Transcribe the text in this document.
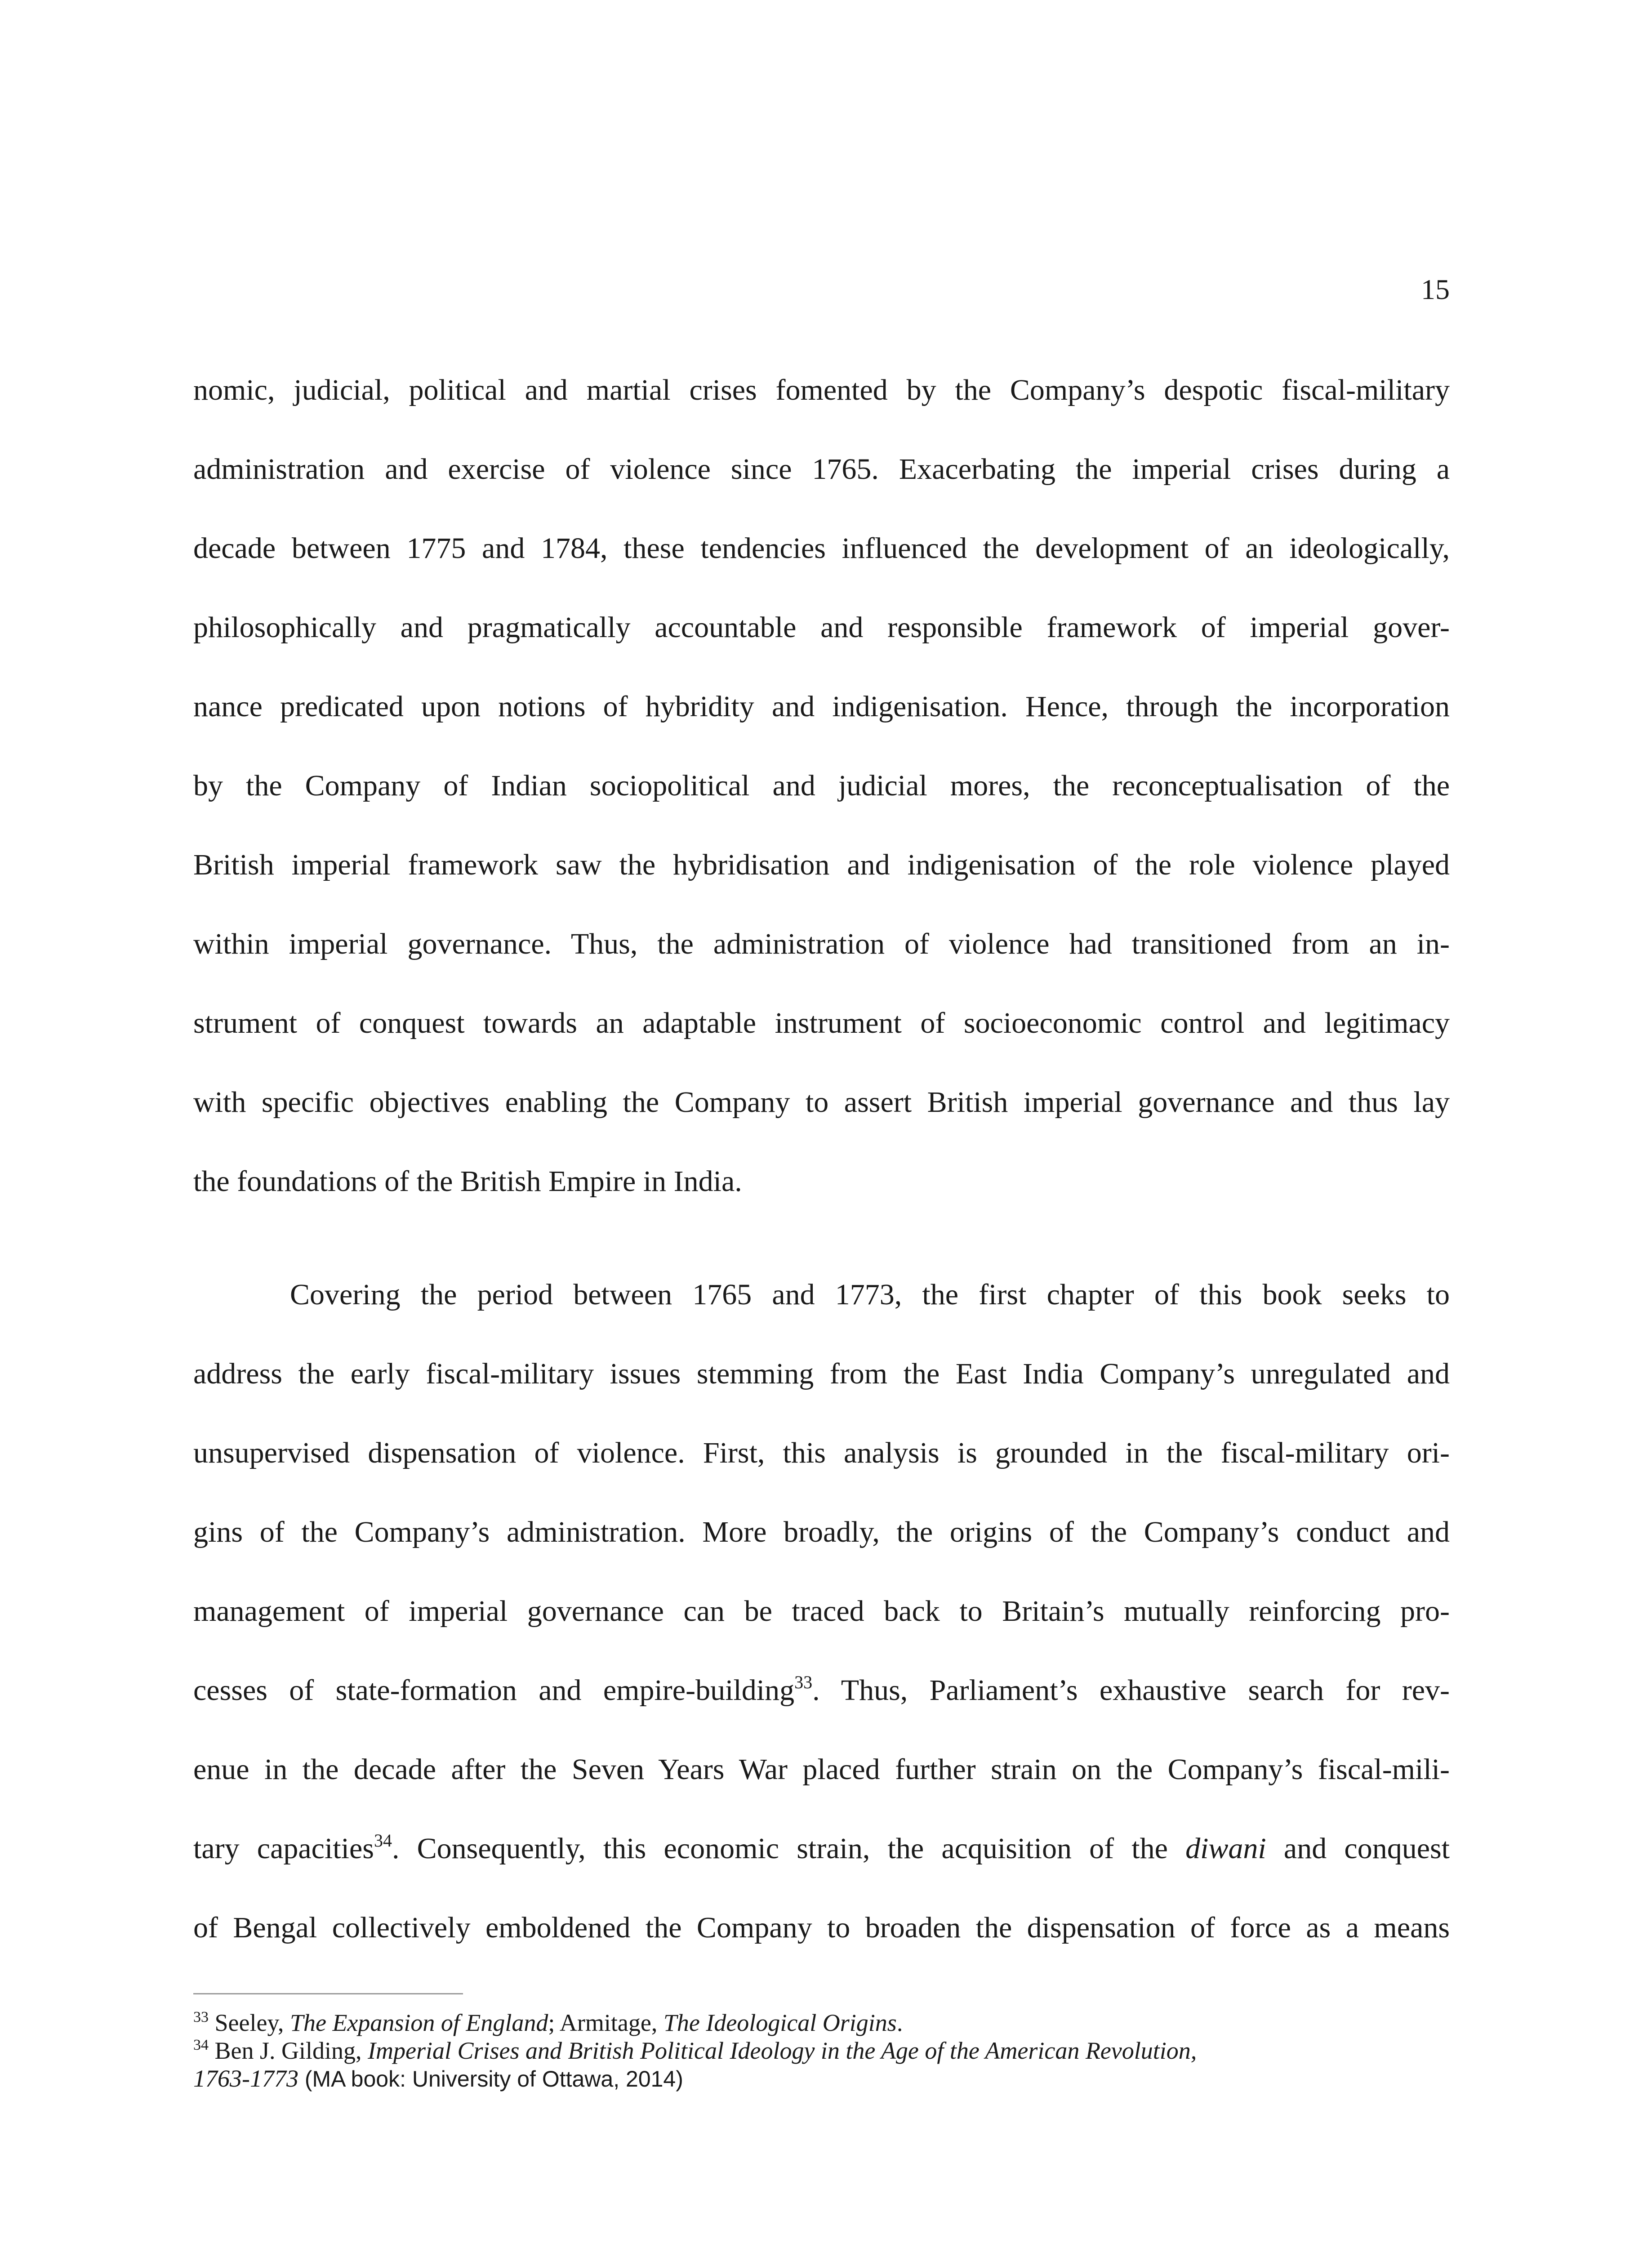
15
nomic, judicial, political and martial crises fomented by the Company’s despotic fiscal-military
administration and exercise of violence since 1765. Exacerbating the imperial crises during a
decade between 1775 and 1784, these tendencies influenced the development of an ideologically,
philosophically and pragmatically accountable and responsible framework of imperial gover-
nance predicated upon notions of hybridity and indigenisation. Hence, through the incorporation
by the Company of Indian sociopolitical and judicial mores, the reconceptualisation of the
British imperial framework saw the hybridisation and indigenisation of the role violence played
within imperial governance. Thus, the administration of violence had transitioned from an in-
strument of conquest towards an adaptable instrument of socioeconomic control and legitimacy
with specific objectives enabling the Company to assert British imperial governance and thus lay
the foundations of the British Empire in India.
Covering the period between 1765 and 1773, the first chapter of this book seeks to
address the early fiscal-military issues stemming from the East India Company’s unregulated and
unsupervised dispensation of violence. First, this analysis is grounded in the fiscal-military ori-
gins of the Company’s administration. More broadly, the origins of the Company’s conduct and
management of imperial governance can be traced back to Britain’s mutually reinforcing pro-
cesses of state-formation and empire-building$^{33}$. Thus, Parliament’s exhaustive search for rev-
enue in the decade after the Seven Years War placed further strain on the Company’s fiscal-mili-
tary capacities$^{34}$. Consequently, this economic strain, the acquisition of the diwani and conquest
of Bengal collectively emboldened the Company to broaden the dispensation of force as a means
$^{33}$ Seeley, The Expansion of England; Armitage, The Ideological Origins.
$^{34}$ Ben J. Gilding, Imperial Crises and British Political Ideology in the Age of the American Revolution,
1763-1773 (MA book: University of Ottawa, 2014)
